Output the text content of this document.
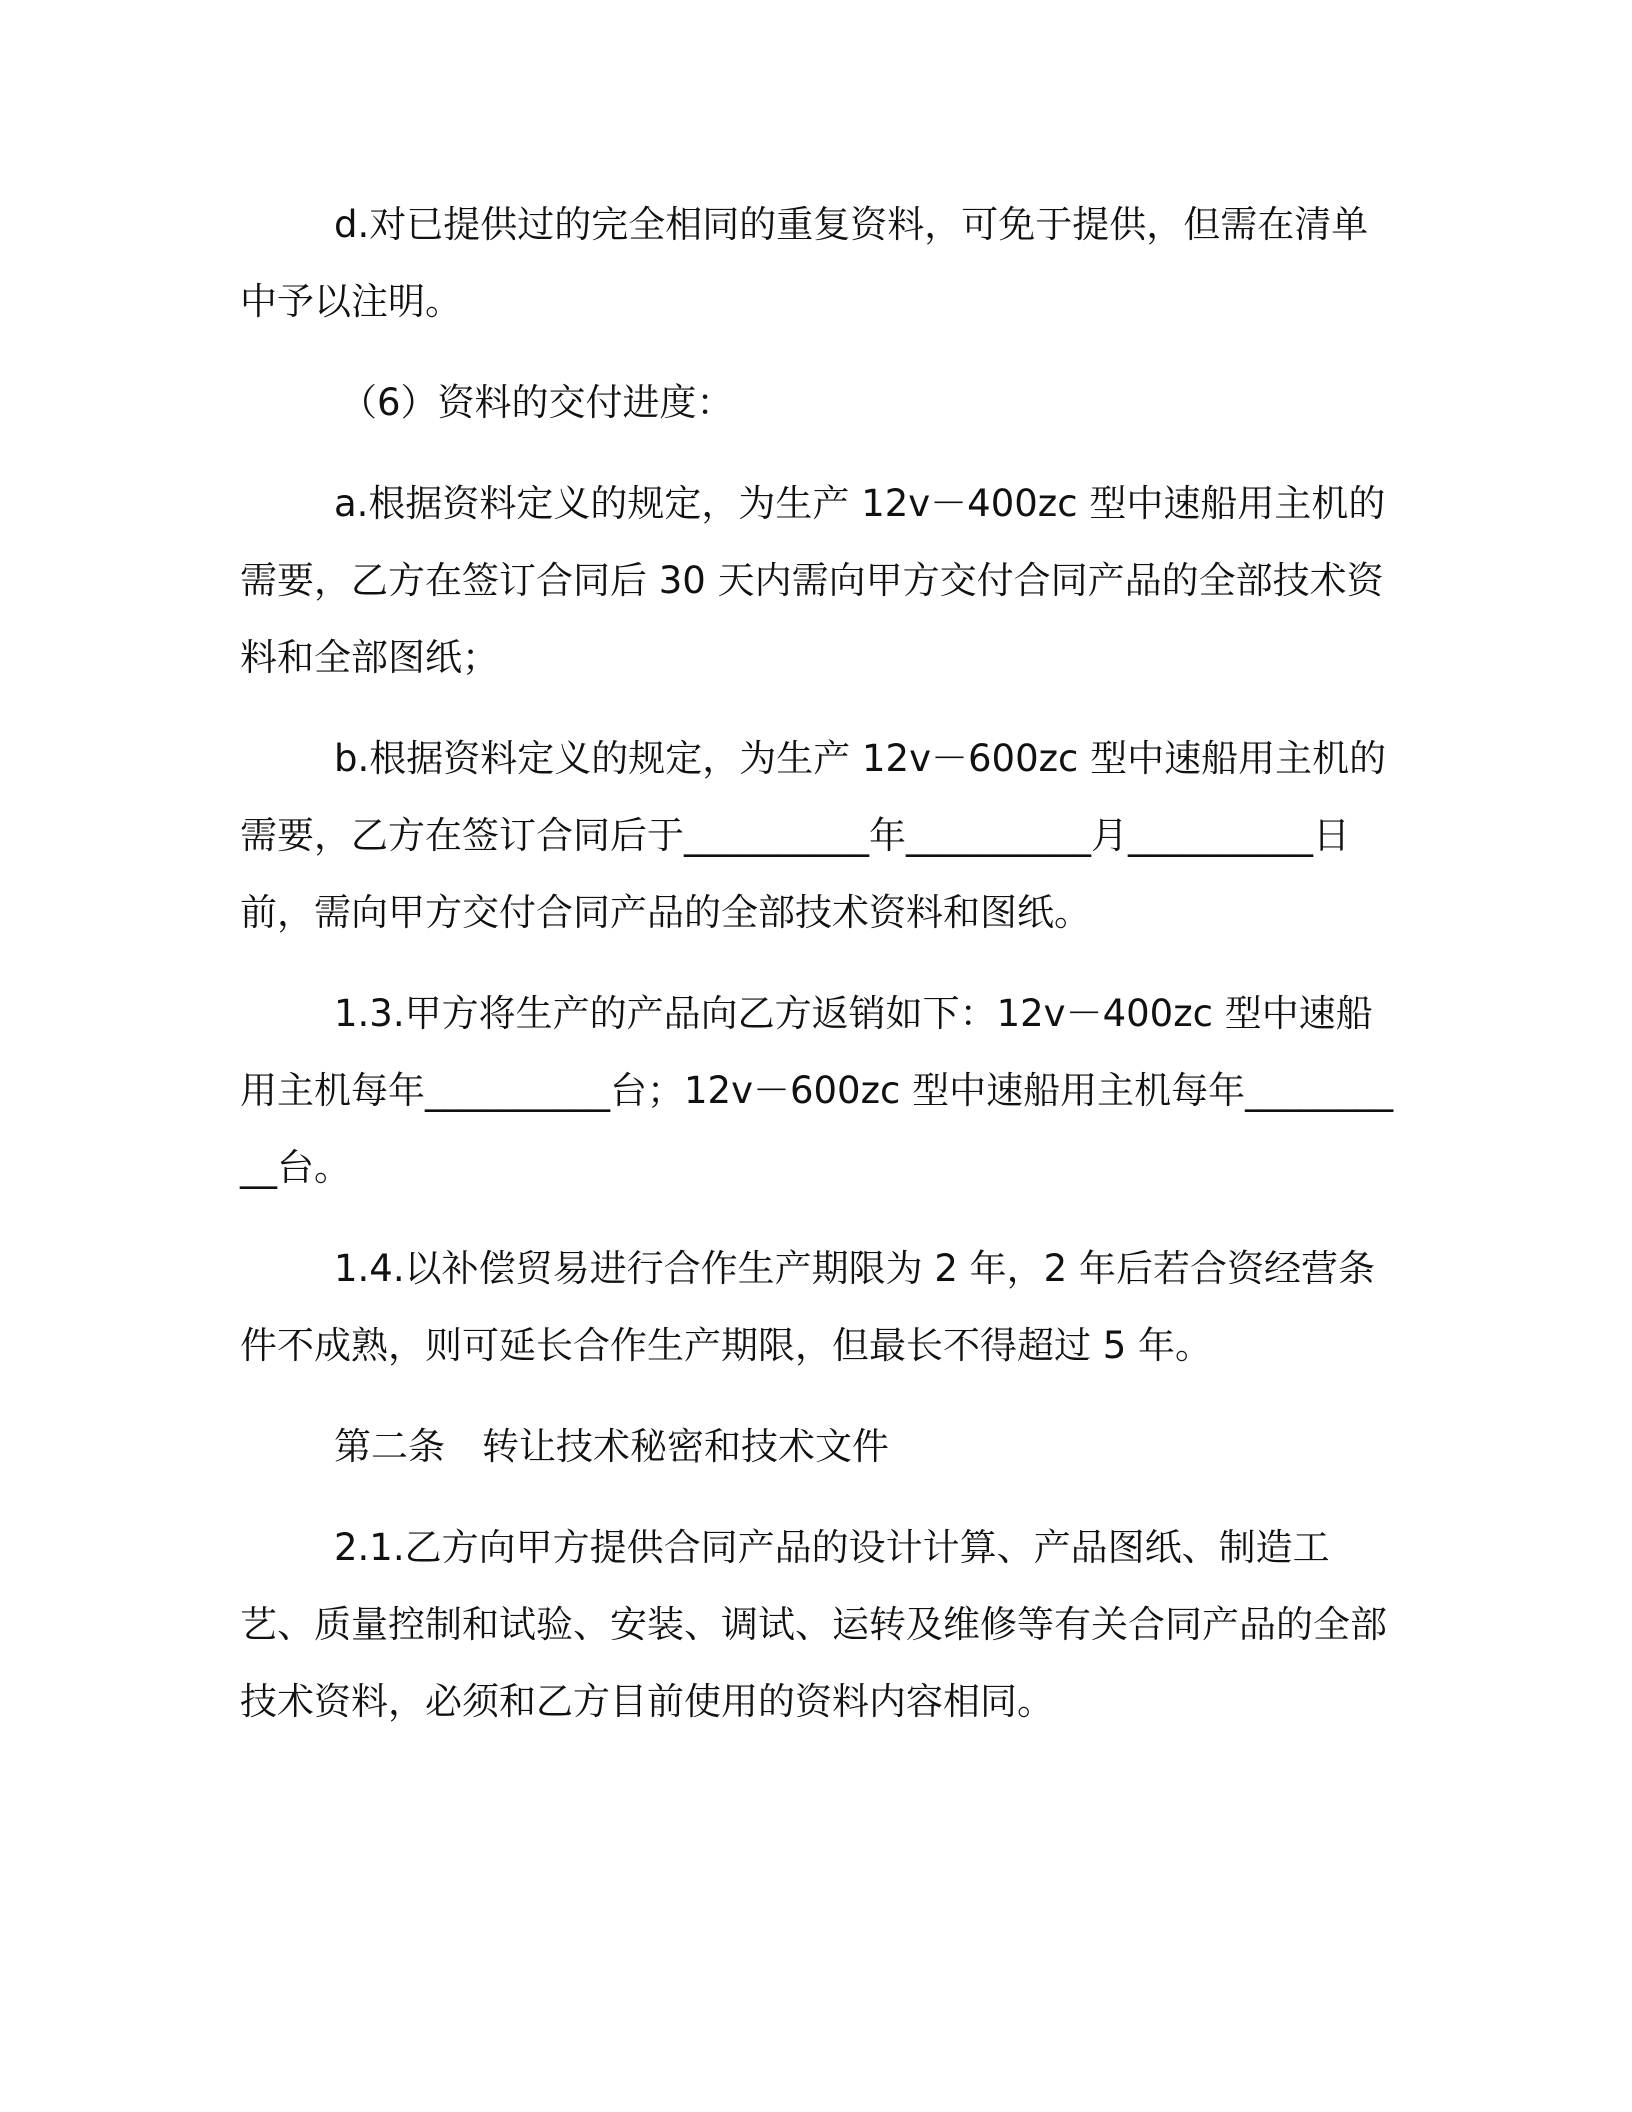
d.对已提供过的完全相同的重复资料，可免于提供，但需在清单中予以注明。

（6）资料的交付进度：

a.根据资料定义的规定，为生产 12v－400zc 型中速船用主机的需要，乙方在签订合同后 30 天内需向甲方交付合同产品的全部技术资料和全部图纸；

b.根据资料定义的规定，为生产 12v－600zc 型中速船用主机的需要，乙方在签订合同后于__________年__________月__________日前，需向甲方交付合同产品的全部技术资料和图纸。

1.3.甲方将生产的产品向乙方返销如下：12v－400zc 型中速船用主机每年__________台；12v－600zc 型中速船用主机每年__________台。

1.4.以补偿贸易进行合作生产期限为 2 年，2 年后若合资经营条件不成熟，则可延长合作生产期限，但最长不得超过 5 年。

第二条　转让技术秘密和技术文件

2.1.乙方向甲方提供合同产品的设计计算、产品图纸、制造工艺、质量控制和试验、安装、调试、运转及维修等有关合同产品的全部技术资料，必须和乙方目前使用的资料内容相同。
